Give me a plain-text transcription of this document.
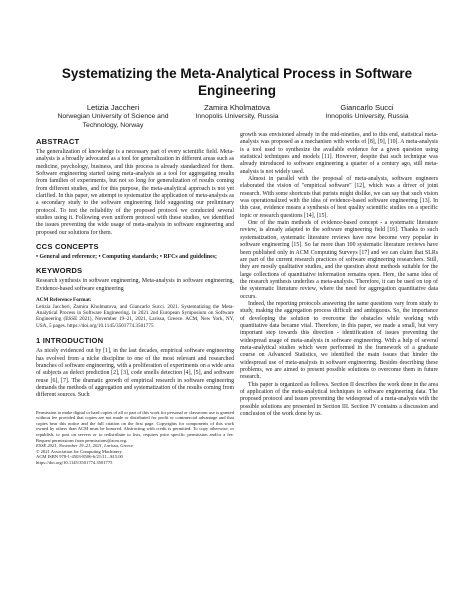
Systematizing the Meta-Analytical Process in Software
Engineering
Letizia Jaccheri
Norwegian University of Science and
Technology, Norway
Zamira Kholmatova
Innopolis University, Russia
Giancarlo Succi
Innopolis University, Russia
ABSTRACT

The generalization of knowledge is a necessary part of every scientific field. Meta-analysis is a broadly advocated as a tool for generalization in different areas such as medicine, psychology, business, and this process is already standardized for them. Software engineering started using meta-analysis as a tool for aggregating results from families of experiments, but not so long for generalization of results coming from different studies, and for this purpose, the meta-analytical approach is not yet clarified. In this paper, we attempt to systematize the application of meta-analysis as a secondary study to the software engineering field suggesting our preliminary protocol. To test the reliability of the proposed protocol we conducted several studies using it. Following even uniform protocol with these studies, we identified the issues preventing the wide usage of meta-analysis in software engineering and proposed our solutions for them.

CCS CONCEPTS

• General and reference; • Computing standards; • RFCs and guidelines;

KEYWORDS

Research synthesis in software engineering, Meta-analysis in software engineering, Evidence-based software engineering

ACM Reference Format:

Letizia Jaccheri, Zamira Kholmatova, and Giancarlo Succi. 2021. Systematizing the Meta-Analytical Process in Software Engineering. In 2021 2nd European Symposium on Software Engineering (ESSE 2021), November 19–21, 2021, Larissa, Greece. ACM, New York, NY, USA, 5 pages. https://doi.org/10.1145/3501774.3501775

1 INTRODUCTION

As nicely evidenced out by [1], in the last decades, empirical software engineering has evolved from a niche discipline to one of the most relevant and researched branches of software engineering, with a proliferation of experiments on a wide area of subjects as defect prediction [2], [3], code smells detection [4], [5], and software reuse [6], [7]. The dramatic growth of empirical research in software engineering demands the methods of aggregation and systematization of the results coming from different sources. Such

Permission to make digital or hard copies of all or part of this work for personal or classroom use is granted without fee provided that copies are not made or distributed for profit or commercial advantage and that copies bear this notice and the full citation on the first page. Copyrights for components of this work owned by others than ACM must be honored. Abstracting with credit is permitted. To copy otherwise, or republish, to post on servers or to redistribute to lists, requires prior specific permission and/or a fee. Request permissions from permissions@acm.org.

ESSE 2021, November 19–21, 2021, Larissa, Greece

© 2021 Association for Computing Machinery.

ACM ISBN 978-1-4503-8506-6/21/11...$15.00

https://doi.org/10.1145/3501774.3501775

growth was envisioned already in the mid-nineties, and to this end, statistical meta-analysis was proposed as a mechanism with works of [8], [9], [10]. A meta-analysis is a tool used to synthesize the available evidence for a given question using statistical techniques and models [11]. However, despite that such technique was already introduced to software engineering a quarter of a century ago, still meta-analysis is not widely used.

Almost in parallel with the proposal of meta-analysis, software engineers elaborated the vision of "empirical software" [12], which was a driver of joint research. With some shortcuts that purists might dislike, we can say that such vision was operationalized with the idea of evidence-based software engineering [13]. In this case, evidence means a synthesis of best quality scientific studies on a specific topic or research questions [14], [15].

One of the main methods of evidence-based concept - a systematic literature review, is already adapted to the software engineering field [16]. Thanks to such systematization, systematic literature reviews have now become very popular in software engineering [15]. So far more than 100 systematic literature reviews have been published only in ACM Computing Surveys [17] and we can claim that SLRs are part of the current research practices of software engineering researchers. Still, they are mostly qualitative studies, and the question about methods suitable for the large collections of quantitative information remains open. Here, the same idea of the research synthesis underlies a meta-analysis. Therefore, it can be used on top of the systematic literature review, where the need for aggregation quantitative data occurs.

Indeed, the reporting protocols answering the same questions vary from study to study, making the aggregation process difficult and ambiguous. So, the importance of developing the solution to overcome the obstacles while working with quantitative data became vital. Therefore, in this paper, we made a small, but very important step towards this direction - identification of issues preventing the widespread usage of meta-analysis in software engineering. With a help of several meta-analytical studies which were performed in the framework of a graduate course on Advanced Statistics, we identified the main issues that hinder the widespread use of meta-analysis in software engineering. Besides describing these problems, we are aimed to present possible solutions to overcome them in future research.

This paper is organized as follows. Section II describes the work done in the area of application of the meta-analytical techniques to software engineering data. The proposed protocol and issues preventing the widespread of a meta-analysis with the possible solutions are presented in Section III. Section IV contains a discussion and conclusion of the work done by us.
